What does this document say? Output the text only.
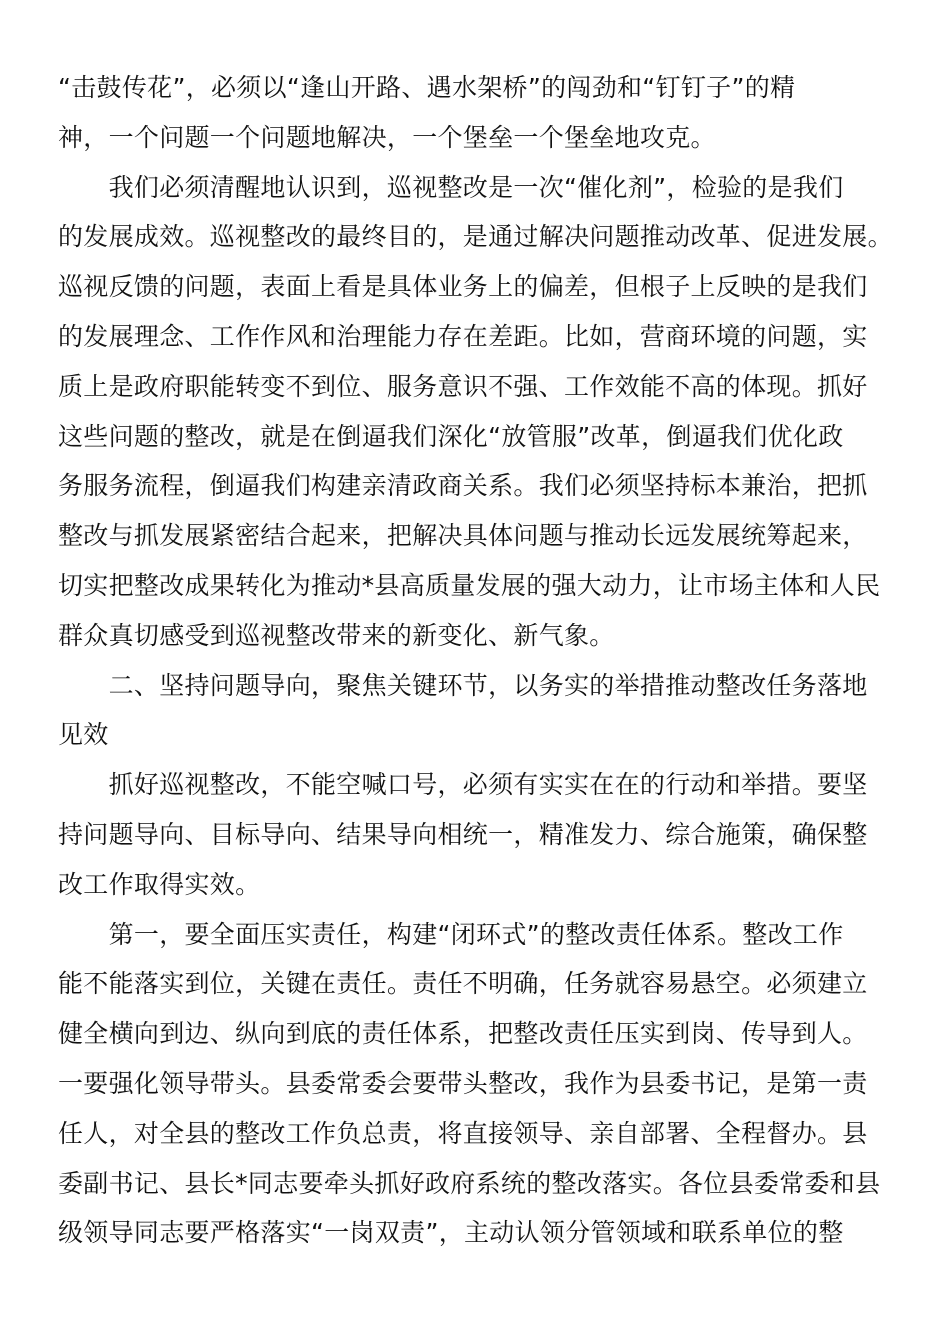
“击鼓传花”，必须以“逢山开路、遇水架桥”的闯劲和“钉钉子”的精
神，一个问题一个问题地解决，一个堡垒一个堡垒地攻克。
　　我们必须清醒地认识到，巡视整改是一次“催化剂”，检验的是我们
的发展成效。巡视整改的最终目的，是通过解决问题推动改革、促进发展。
巡视反馈的问题，表面上看是具体业务上的偏差，但根子上反映的是我们
的发展理念、工作作风和治理能力存在差距。比如，营商环境的问题，实
质上是政府职能转变不到位、服务意识不强、工作效能不高的体现。抓好
这些问题的整改，就是在倒逼我们深化“放管服”改革，倒逼我们优化政
务服务流程，倒逼我们构建亲清政商关系。我们必须坚持标本兼治，把抓
整改与抓发展紧密结合起来，把解决具体问题与推动长远发展统筹起来，
切实把整改成果转化为推动*县高质量发展的强大动力，让市场主体和人民
群众真切感受到巡视整改带来的新变化、新气象。
　　二、坚持问题导向，聚焦关键环节，以务实的举措推动整改任务落地
见效
　　抓好巡视整改，不能空喊口号，必须有实实在在的行动和举措。要坚
持问题导向、目标导向、结果导向相统一，精准发力、综合施策，确保整
改工作取得实效。
　　第一，要全面压实责任，构建“闭环式”的整改责任体系。整改工作
能不能落实到位，关键在责任。责任不明确，任务就容易悬空。必须建立
健全横向到边、纵向到底的责任体系，把整改责任压实到岗、传导到人。
一要强化领导带头。县委常委会要带头整改，我作为县委书记，是第一责
任人，对全县的整改工作负总责，将直接领导、亲自部署、全程督办。县
委副书记、县长*同志要牵头抓好政府系统的整改落实。各位县委常委和县
级领导同志要严格落实“一岗双责”，主动认领分管领域和联系单位的整
